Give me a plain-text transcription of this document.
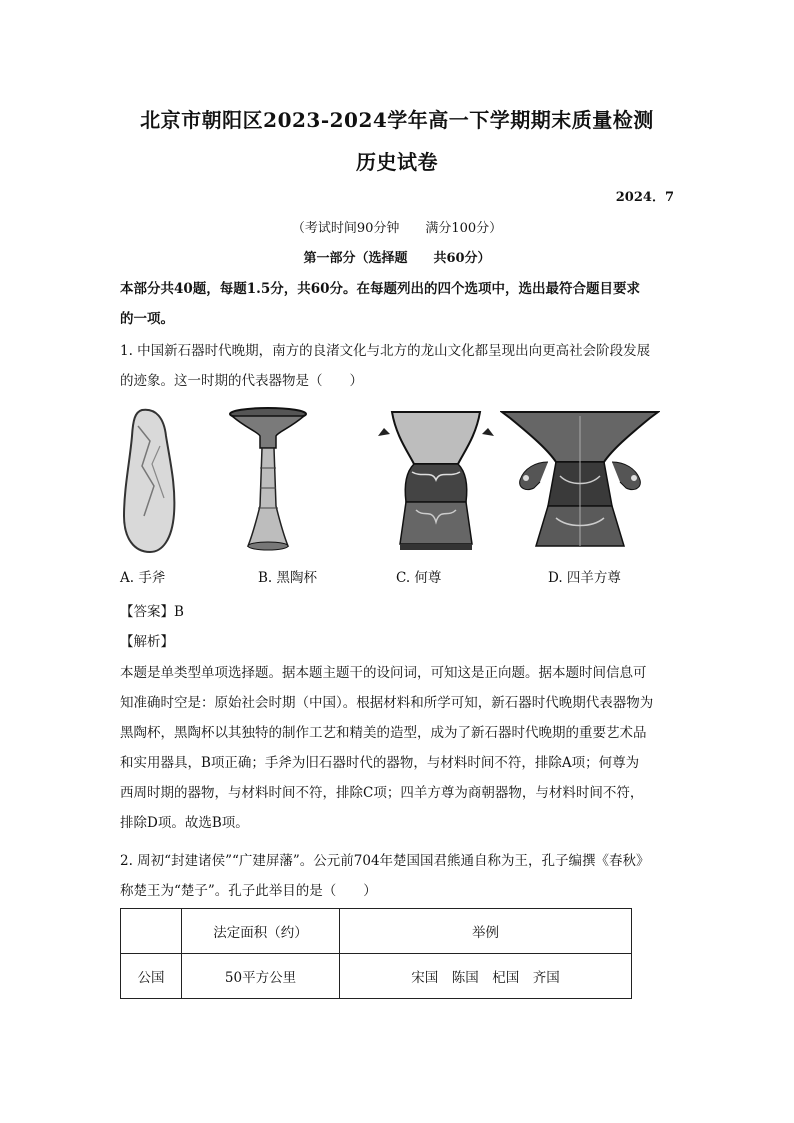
北京市朝阳区2023-2024学年高一下学期期末质量检测
历史试卷
2024．7
（考试时间90分钟　　满分100分）
第一部分（选择题　　共60分）
本部分共40题，每题1.5分，共60分。在每题列出的四个选项中，选出最符合题目要求
的一项。
1. 中国新石器时代晚期，南方的良渚文化与北方的龙山文化都呈现出向更高社会阶段发展
的迹象。这一时期的代表器物是（　　）
A. 手斧	B. 黑陶杯	C. 何尊	D. 四羊方尊
【答案】B
【解析】
本题是单类型单项选择题。据本题主题干的设问词，可知这是正向题。据本题时间信息可
知准确时空是：原始社会时期（中国）。根据材料和所学可知，新石器时代晚期代表器物为
黑陶杯，黑陶杯以其独特的制作工艺和精美的造型，成为了新石器时代晚期的重要艺术品
和实用器具，B项正确；手斧为旧石器时代的器物，与材料时间不符，排除A项；何尊为
西周时期的器物，与材料时间不符，排除C项；四羊方尊为商朝器物，与材料时间不符，
排除D项。故选B项。
2. 周初“封建诸侯”“广建屏藩”。公元前704年楚国国君熊通自称为王，孔子编撰《春秋》
称楚王为“楚子”。孔子此举目的是（　　）
	法定面积（约）	举例
公国	50平方公里	宋国　陈国　杞国　齐国
